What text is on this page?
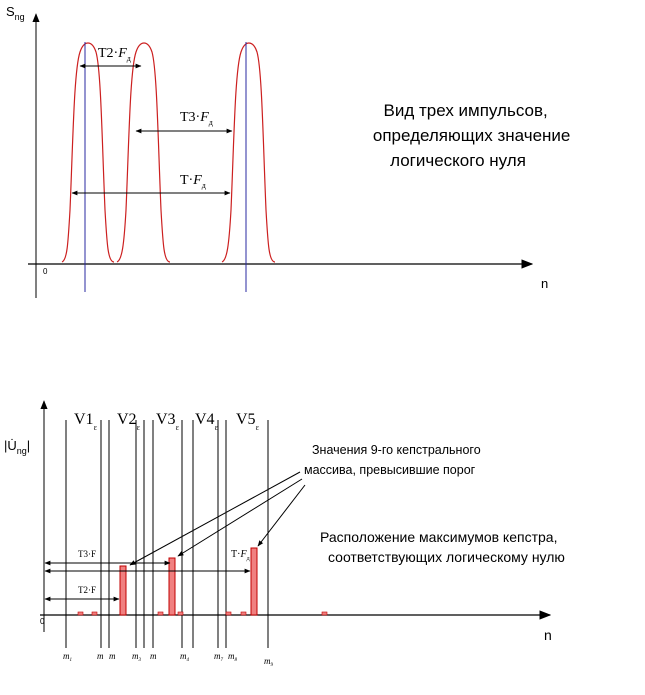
$S_{ng}$
n
0
$T2\cdot F_д$
$T3\cdot F_д$
$T\cdot F_д$
Вид трех импульсов, определяющих значение логического нуля
$|U̇_{ng}|$
n
0
$V1_\varepsilon$ $V2_\varepsilon$ $V3_\varepsilon$ $V4_\varepsilon$ $V5_\varepsilon$
$m_1$	m	$m_3$
m	m	$m_4$	$m_7$ $m_8$	$m_9$
T3·F	$T\cdot F_д$
T2·F
Значения 9-го кепстрального массива, превысившие порог
Расположение максимумов кепстра, соответствующих логическому нулю
